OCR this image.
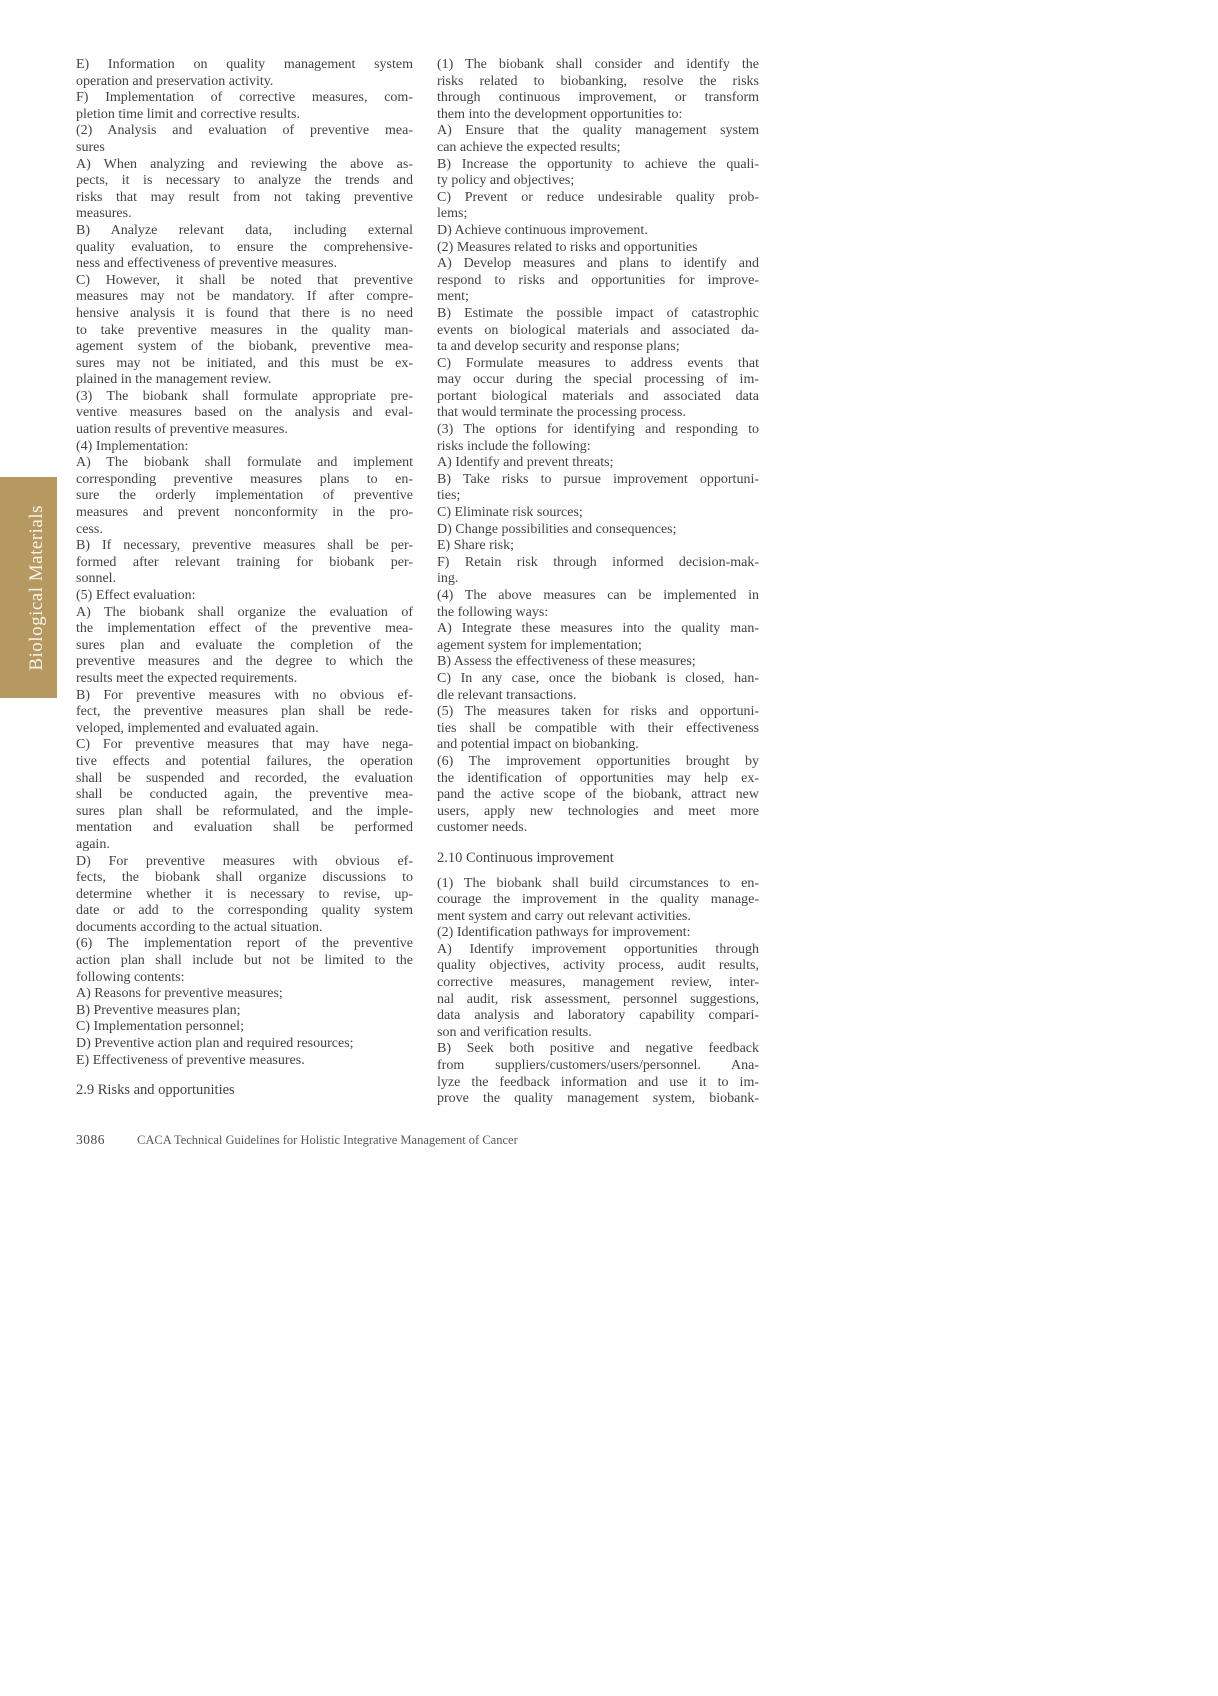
Biological Materials
E) Information on quality management system
operation and preservation activity.
F) Implementation of corrective measures, com-
pletion time limit and corrective results.
(2) Analysis and evaluation of preventive mea-
sures
A) When analyzing and reviewing the above as-
pects, it is necessary to analyze the trends and
risks that may result from not taking preventive
measures.
B) Analyze relevant data, including external
quality evaluation, to ensure the comprehensive-
ness and effectiveness of preventive measures.
C) However, it shall be noted that preventive
measures may not be mandatory. If after compre-
hensive analysis it is found that there is no need
to take preventive measures in the quality man-
agement system of the biobank, preventive mea-
sures may not be initiated, and this must be ex-
plained in the management review.
(3) The biobank shall formulate appropriate pre-
ventive measures based on the analysis and eval-
uation results of preventive measures.
(4) Implementation:
A) The biobank shall formulate and implement
corresponding preventive measures plans to en-
sure the orderly implementation of preventive
measures and prevent nonconformity in the pro-
cess.
B) If necessary, preventive measures shall be per-
formed after relevant training for biobank per-
sonnel.
(5) Effect evaluation:
A) The biobank shall organize the evaluation of
the implementation effect of the preventive mea-
sures plan and evaluate the completion of the
preventive measures and the degree to which the
results meet the expected requirements.
B) For preventive measures with no obvious ef-
fect, the preventive measures plan shall be rede-
veloped, implemented and evaluated again.
C) For preventive measures that may have nega-
tive effects and potential failures, the operation
shall be suspended and recorded, the evaluation
shall be conducted again, the preventive mea-
sures plan shall be reformulated, and the imple-
mentation and evaluation shall be performed
again.
D) For preventive measures with obvious ef-
fects, the biobank shall organize discussions to
determine whether it is necessary to revise, up-
date or add to the corresponding quality system
documents according to the actual situation.
(6) The implementation report of the preventive
action plan shall include but not be limited to the
following contents:
A) Reasons for preventive measures;
B) Preventive measures plan;
C) Implementation personnel;
D) Preventive action plan and required resources;
E) Effectiveness of preventive measures.
2.9 Risks and opportunities
(1) The biobank shall consider and identify the
risks related to biobanking, resolve the risks
through continuous improvement, or transform
them into the development opportunities to:
A) Ensure that the quality management system
can achieve the expected results;
B) Increase the opportunity to achieve the quali-
ty policy and objectives;
C) Prevent or reduce undesirable quality prob-
lems;
D) Achieve continuous improvement.
(2) Measures related to risks and opportunities
A) Develop measures and plans to identify and
respond to risks and opportunities for improve-
ment;
B) Estimate the possible impact of catastrophic
events on biological materials and associated da-
ta and develop security and response plans;
C) Formulate measures to address events that
may occur during the special processing of im-
portant biological materials and associated data
that would terminate the processing process.
(3) The options for identifying and responding to
risks include the following:
A) Identify and prevent threats;
B) Take risks to pursue improvement opportuni-
ties;
C) Eliminate risk sources;
D) Change possibilities and consequences;
E) Share risk;
F) Retain risk through informed decision-mak-
ing.
(4) The above measures can be implemented in
the following ways:
A) Integrate these measures into the quality man-
agement system for implementation;
B) Assess the effectiveness of these measures;
C) In any case, once the biobank is closed, han-
dle relevant transactions.
(5) The measures taken for risks and opportuni-
ties shall be compatible with their effectiveness
and potential impact on biobanking.
(6) The improvement opportunities brought by
the identification of opportunities may help ex-
pand the active scope of the biobank, attract new
users, apply new technologies and meet more
customer needs.
2.10 Continuous improvement
(1) The biobank shall build circumstances to en-
courage the improvement in the quality manage-
ment system and carry out relevant activities.
(2) Identification pathways for improvement:
A) Identify improvement opportunities through
quality objectives, activity process, audit results,
corrective measures, management review, inter-
nal audit, risk assessment, personnel suggestions,
data analysis and laboratory capability compari-
son and verification results.
B) Seek both positive and negative feedback
from suppliers/customers/users/personnel. Ana-
lyze the feedback information and use it to im-
prove the quality management system, biobank-
3086	CACA Technical Guidelines for Holistic Integrative Management of Cancer
